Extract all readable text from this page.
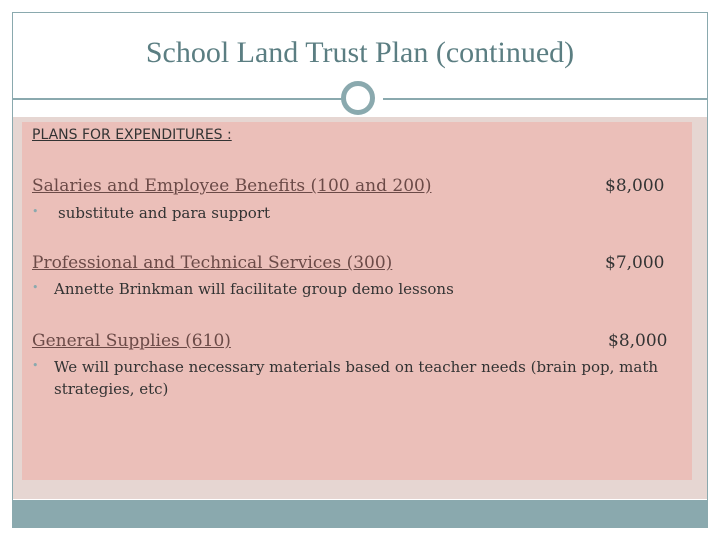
School Land Trust Plan (continued)
PLANS FOR EXPENDITURES :
Salaries and Employee Benefits (100 and 200)	$8,000
•	substitute and para support
Professional and Technical Services (300)	$7,000
•	Annette Brinkman will facilitate group demo lessons
General Supplies (610)	$8,000
•	We will purchase necessary materials based on teacher needs (brain pop, math strategies, etc)
